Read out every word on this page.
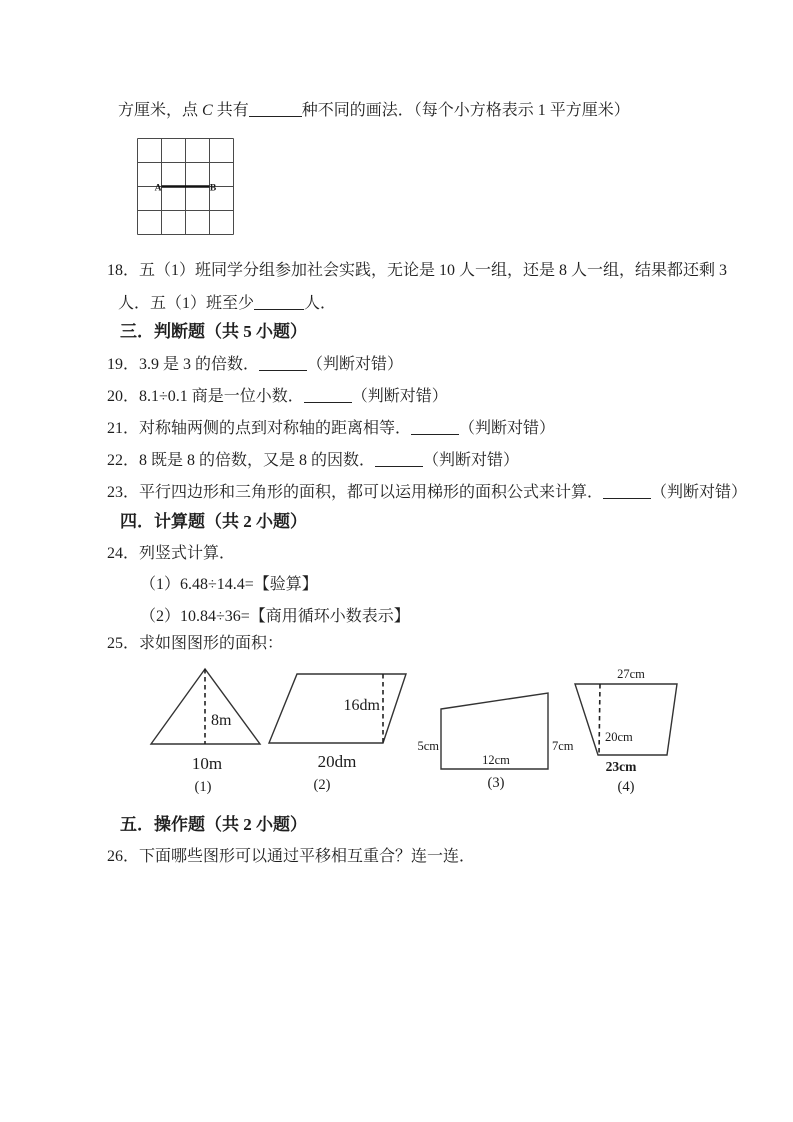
方厘米，点 C 共有	种不同的画法．（每个小方格表示 1 平方厘米）
A	B
18．五（1）班同学分组参加社会实践，无论是 10 人一组，还是 8 人一组，结果都还剩 3
人．五（1）班至少	人．
三．判断题（共 5 小题）
19．3.9 是 3 的倍数．	（判断对错）
20．8.1÷0.1 商是一位小数．	（判断对错）
21．对称轴两侧的点到对称轴的距离相等．	（判断对错）
22．8 既是 8 的倍数，又是 8 的因数．	（判断对错）
23．平行四边形和三角形的面积，都可以运用梯形的面积公式来计算．	（判断对错）
四．计算题（共 2 小题）
24．列竖式计算．
（1）6.48÷14.4=【验算】
（2）10.84÷36=【商用循环小数表示】
25．求如图图形的面积：
8m
10m
(1)
16dm
20dm
(2)
5cm	7cm
12cm
(3)
27cm
20cm
23cm
(4)
五．操作题（共 2 小题）
26．下面哪些图形可以通过平移相互重合？连一连．
